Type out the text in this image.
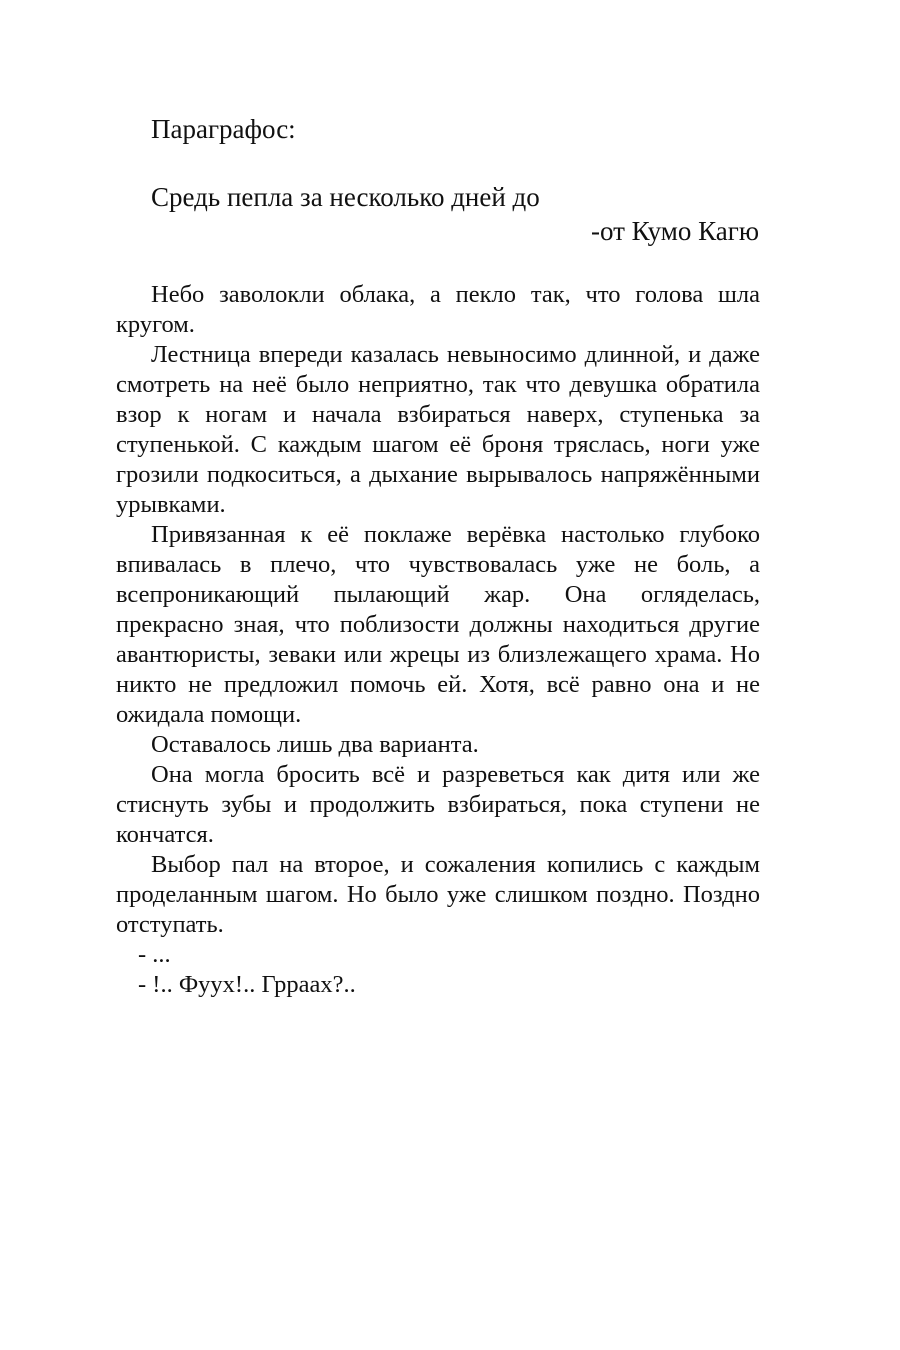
Параграфос:
Средь пепла за несколько дней до
-от Кумо Кагю

Небо заволокли облака, а пекло так, что голова шла кругом.

Лестница впереди казалась невыносимо длинной, и даже смотреть на неё было неприятно, так что девушка обратила взор к ногам и начала взбираться наверх, ступенька за ступенькой. С каждым шагом её броня тряслась, ноги уже грозили подкоситься, а дыхание вырывалось напряжёнными урывками.

Привязанная к её поклаже верёвка настолько глубоко впивалась в плечо, что чувствовалась уже не боль, а всепроникающий пылающий жар. Она огляделась, прекрасно зная, что поблизости должны находиться другие авантюристы, зеваки или жрецы из близлежащего храма. Но никто не предложил помочь ей. Хотя, всё равно она и не ожидала помощи.

Оставалось лишь два варианта.

Она могла бросить всё и разреветься как дитя или же стиснуть зубы и продолжить взбираться, пока ступени не кончатся.

Выбор пал на второе, и сожаления копились с каждым проделанным шагом. Но было уже слишком поздно. Поздно отступать.

- ...

- !.. Фуух!.. Грраах?..
